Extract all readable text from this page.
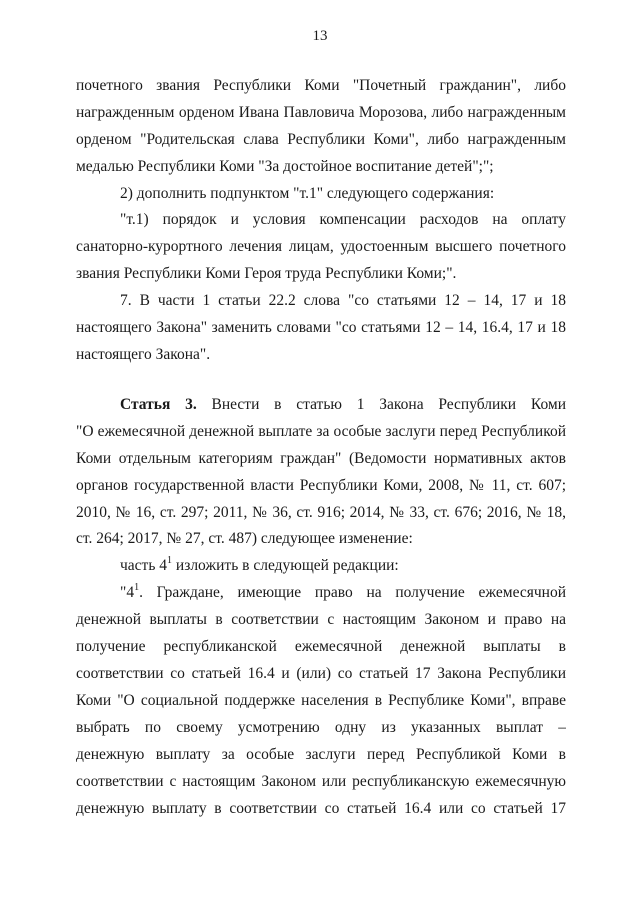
13
почетного звания Республики Коми "Почетный гражданин", либо
награжденным орденом Ивана Павловича Морозова, либо награжденным
орденом "Родительская слава Республики Коми", либо награжденным
медалью Республики Коми "За достойное воспитание детей";";
2) дополнить подпунктом "т.1" следующего содержания:
"т.1) порядок и условия компенсации расходов на оплату
санаторно-курортного лечения лицам, удостоенным высшего почетного
звания Республики Коми Героя труда Республики Коми;".
7. В части 1 статьи 22.2 слова "со статьями 12 – 14, 17 и 18
настоящего Закона" заменить словами "со статьями 12 – 14, 16.4, 17 и 18
настоящего Закона".
Статья 3. Внести в статью 1 Закона Республики Коми
"О ежемесячной денежной выплате за особые заслуги перед Республикой
Коми отдельным категориям граждан" (Ведомости нормативных актов
органов государственной власти Республики Коми, 2008, № 11, ст. 607;
2010, № 16, ст. 297; 2011, № 36, ст. 916; 2014, № 33, ст. 676; 2016, № 18,
ст. 264; 2017, № 27, ст. 487) следующее изменение:
часть $4^1$ изложить в следующей редакции:
"$4^1$. Граждане, имеющие право на получение ежемесячной
денежной выплаты в соответствии с настоящим Законом и право на
получение республиканской ежемесячной денежной выплаты в
соответствии со статьей 16.4 и (или) со статьей 17 Закона Республики
Коми "О социальной поддержке населения в Республике Коми", вправе
выбрать по своему усмотрению одну из указанных выплат –
денежную выплату за особые заслуги перед Республикой Коми в
соответствии с настоящим Законом или республиканскую ежемесячную
денежную выплату в соответствии со статьей 16.4 или со статьей 17
